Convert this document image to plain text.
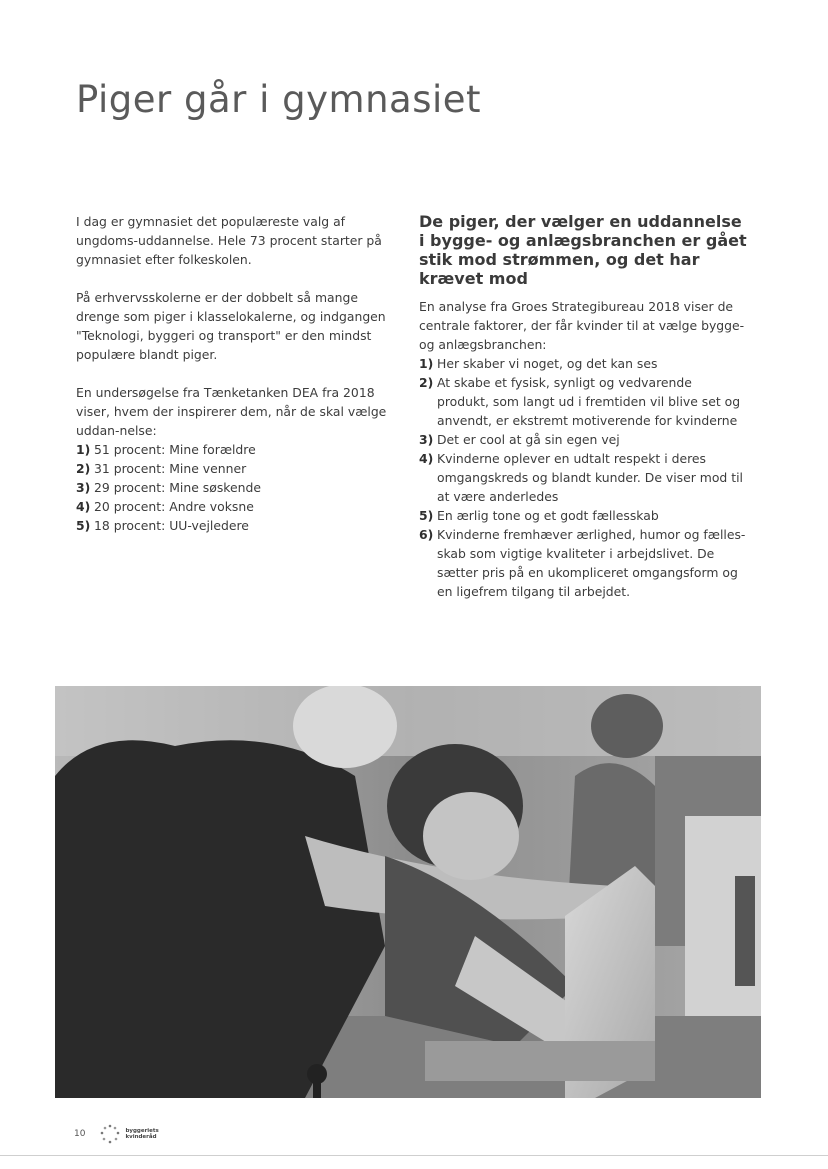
Piger går i gymnasiet

I dag er gymnasiet det populæreste valg af ungdoms-uddannelse. Hele 73 procent starter på gymnasiet efter folkeskolen.

På erhvervsskolerne er der dobbelt så mange drenge som piger i klasselokalerne, og indgangen "Teknologi, byggeri og transport" er den mindst populære blandt piger.

En undersøgelse fra Tænketanken DEA fra 2018 viser, hvem der inspirerer dem, når de skal vælge uddan-nelse:

1) 51 procent: Mine forældre
2) 31 procent: Mine venner
3) 29 procent: Mine søskende
4) 20 procent: Andre voksne
5) 18 procent: UU-vejledere
De piger, der vælger en uddannelse i bygge- og anlægsbranchen er gået stik mod strømmen, og det har krævet mod

En analyse fra Groes Strategibureau 2018 viser de centrale faktorer, der får kvinder til at vælge bygge- og anlægsbranchen:

1) Her skaber vi noget, og det kan ses
2) At skabe et fysisk, synligt og vedvarende produkt, som langt ud i fremtiden vil blive set og anvendt, er ekstremt motiverende for kvinderne
3) Det er cool at gå sin egen vej
4) Kvinderne oplever en udtalt respekt i deres omgangskreds og blandt kunder. De viser mod til at være anderledes
5) En ærlig tone og et godt fællesskab
6) Kvinderne fremhæver ærlighed, humor og fælles-skab som vigtige kvaliteter i arbejdslivet. De sætter pris på en ukompliceret omgangsform og en ligefrem tilgang til arbejdet.
10	byggeriets kvinderåd
